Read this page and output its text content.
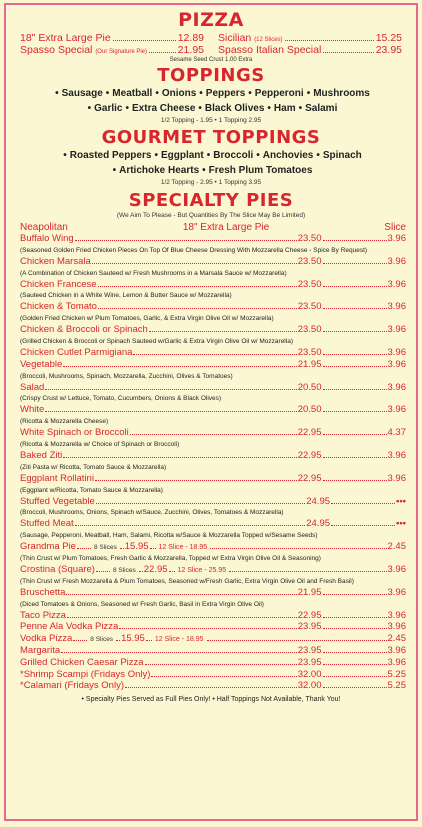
PIZZA
18" Extra Large Pie	12.89 Sicilian (12 Slices)	15.25
Spasso Special (Our Signature Pie)	21.95 Spasso Italian Special	23.95
Sesame Seed Crust 1.00 Extra
TOPPINGS
• Sausage • Meatball • Onions • Peppers • Pepperoni • Mushrooms
• Garlic • Extra Cheese • Black Olives • Ham • Salami
1/2 Topping - 1.95 • 1 Topping 2.95
GOURMET TOPPINGS
• Roasted Peppers • Eggplant • Broccoli • Anchovies • Spinach
• Artichoke Hearts • Fresh Plum Tomatoes
1/2 Topping - 2.95 • 1 Topping 3.95
SPECIALTY PIES
(We Aim To Please - But Quantities By The Slice May Be Limited)
Neapolitan	18" Extra Large Pie	Slice
Buffalo Wing	23.50	3.96
(Seasoned Golden Fried Chicken Pieces On Top Of Blue Cheese Dressing With Mozzarella Cheese - Spice By Request)
Chicken Marsala	23.50	3.96
(A Combination of Chicken Sauteed w/ Fresh Mushrooms in a Marsala Sauce w/ Mozzarella)
Chicken Francese	23.50	3.96
(Sauteed Chicken in a White Wine, Lemon & Butter Sauce w/ Mozzarella)
Chicken & Tomato	23.50	3.96
(Golden Fried Chicken w/ Plum Tomatoes, Garlic, & Extra Virgin Olive Oil w/ Mozzarella)
Chicken & Broccoli or Spinach	23.50	3.96
(Grilled Chicken & Broccoli or Spinach Sauteed w/Garlic & Extra Virgin Olive Oil w/ Mozzarella)
Chicken Cutlet Parmigiana	23.50	3.96
Vegetable	21.95	3.96
(Broccoli, Mushrooms, Spinach, Mozzarella, Zucchini, Olives & Tomatoes)
Salad	20.50	3.96
(Crispy Crust w/ Lettuce, Tomato, Cucumbers, Onions & Black Olives)
White	20.50	3.96
(Ricotta & Mozzarella Cheese)
White Spinach or Broccoli	22.95	4.37
(Ricotta & Mozzarella w/ Choice of Spinach or Broccoli)
Baked Ziti	22.95	3.96
(Ziti Pasta w/ Ricotta, Tomato Sauce & Mozzarella)
Eggplant Rollatini	22.95	3.96
(Eggplant w/Ricotta, Tomato Sauce & Mozzarella)
Stuffed Vegetable	24.95	•••
(Broccoli, Mushrooms, Onions, Spinach w/Sauce, Zucchini, Olives, Tomatoes & Mozzarella)
Stuffed Meat	24.95	•••
(Sausage, Pepperoni, Meatball, Ham, Salami, Ricotta w/Sauce & Mozzarella Topped w/Sesame Seeds)
Grandma Pie	8 Slices 15.95 12 Slice - 18.95	2.45
(Thin Crust w/ Plum Tomatoes, Fresh Garlic & Mozzarella, Topped w/ Extra Virgin Olive Oil & Seasoning)
Crostina (Square)	8 Slices 22.95 12 Slice - 25.95	3.96
(Thin Crust w/ Fresh Mozzarella & Plum Tomatoes, Seasoned w/Fresh Garlic, Extra Virgin Olive Oil and Fresh Basil)
Bruschetta	21.95	3.96
(Diced Tomatoes & Onions, Seasoned w/ Fresh Garlic, Basil in Extra Virgin Olive Oil)
Taco Pizza	22.95	3.96
Penne Ala Vodka Pizza	23.95	3.96
Vodka Pizza	8 Slices 15.95 12 Slice - 18.95	2.45
Margarita	23.95	3.96
Grilled Chicken Caesar Pizza	23.95	3.96
*Shrimp Scampi (Fridays Only)	32.00	5.25
*Calamari (Fridays Only)	32.00	5.25
• Specialty Pies Served as Full Pies Only! • Half Toppings Not Available, Thank You!
